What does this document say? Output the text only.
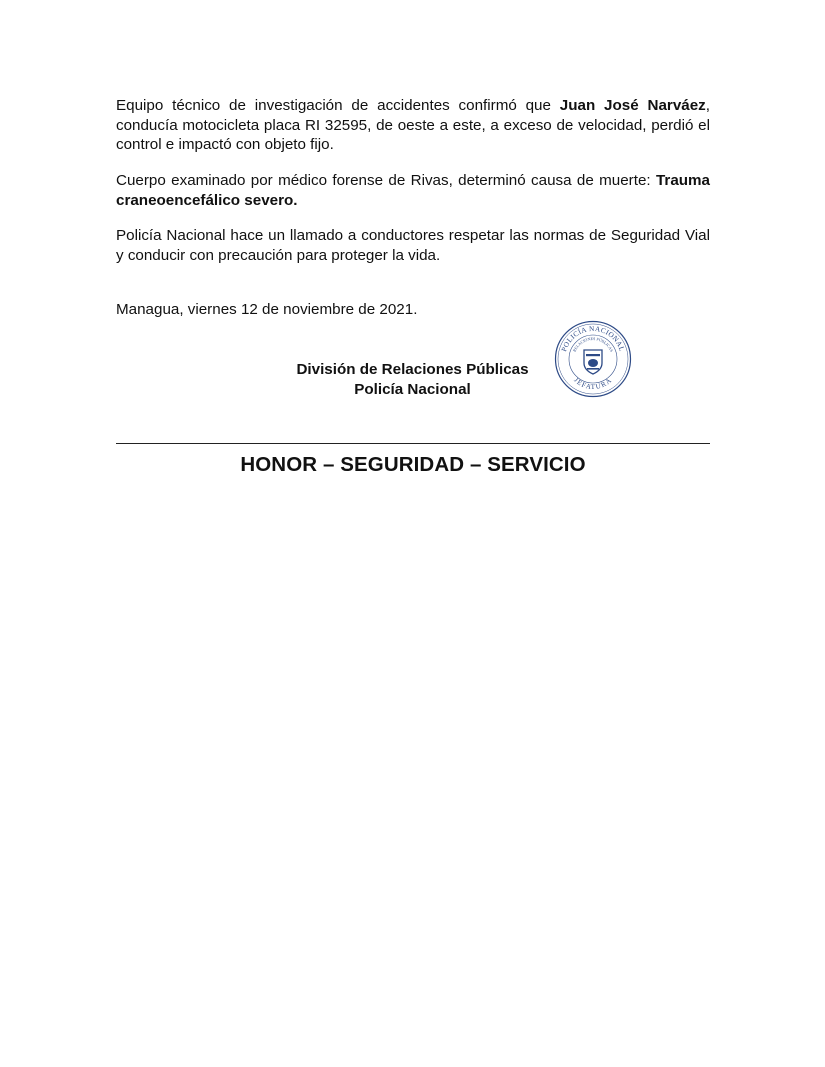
Equipo técnico de investigación de accidentes confirmó que Juan José Narváez, conducía motocicleta placa RI 32595, de oeste a este, a exceso de velocidad, perdió el control e impactó con objeto fijo.

Cuerpo examinado por médico forense de Rivas, determinó causa de muerte: Trauma craneoencefálico severo.

Policía Nacional hace un llamado a conductores respetar las normas de Seguridad Vial y conducir con precaución para proteger la vida.

Managua, viernes 12 de noviembre de 2021.

División de Relaciones Públicas
Policía Nacional
POLICÍA NACIONAL
RELACIONES PÚBLICAS
JEFATURA
HONOR – SEGURIDAD – SERVICIO
